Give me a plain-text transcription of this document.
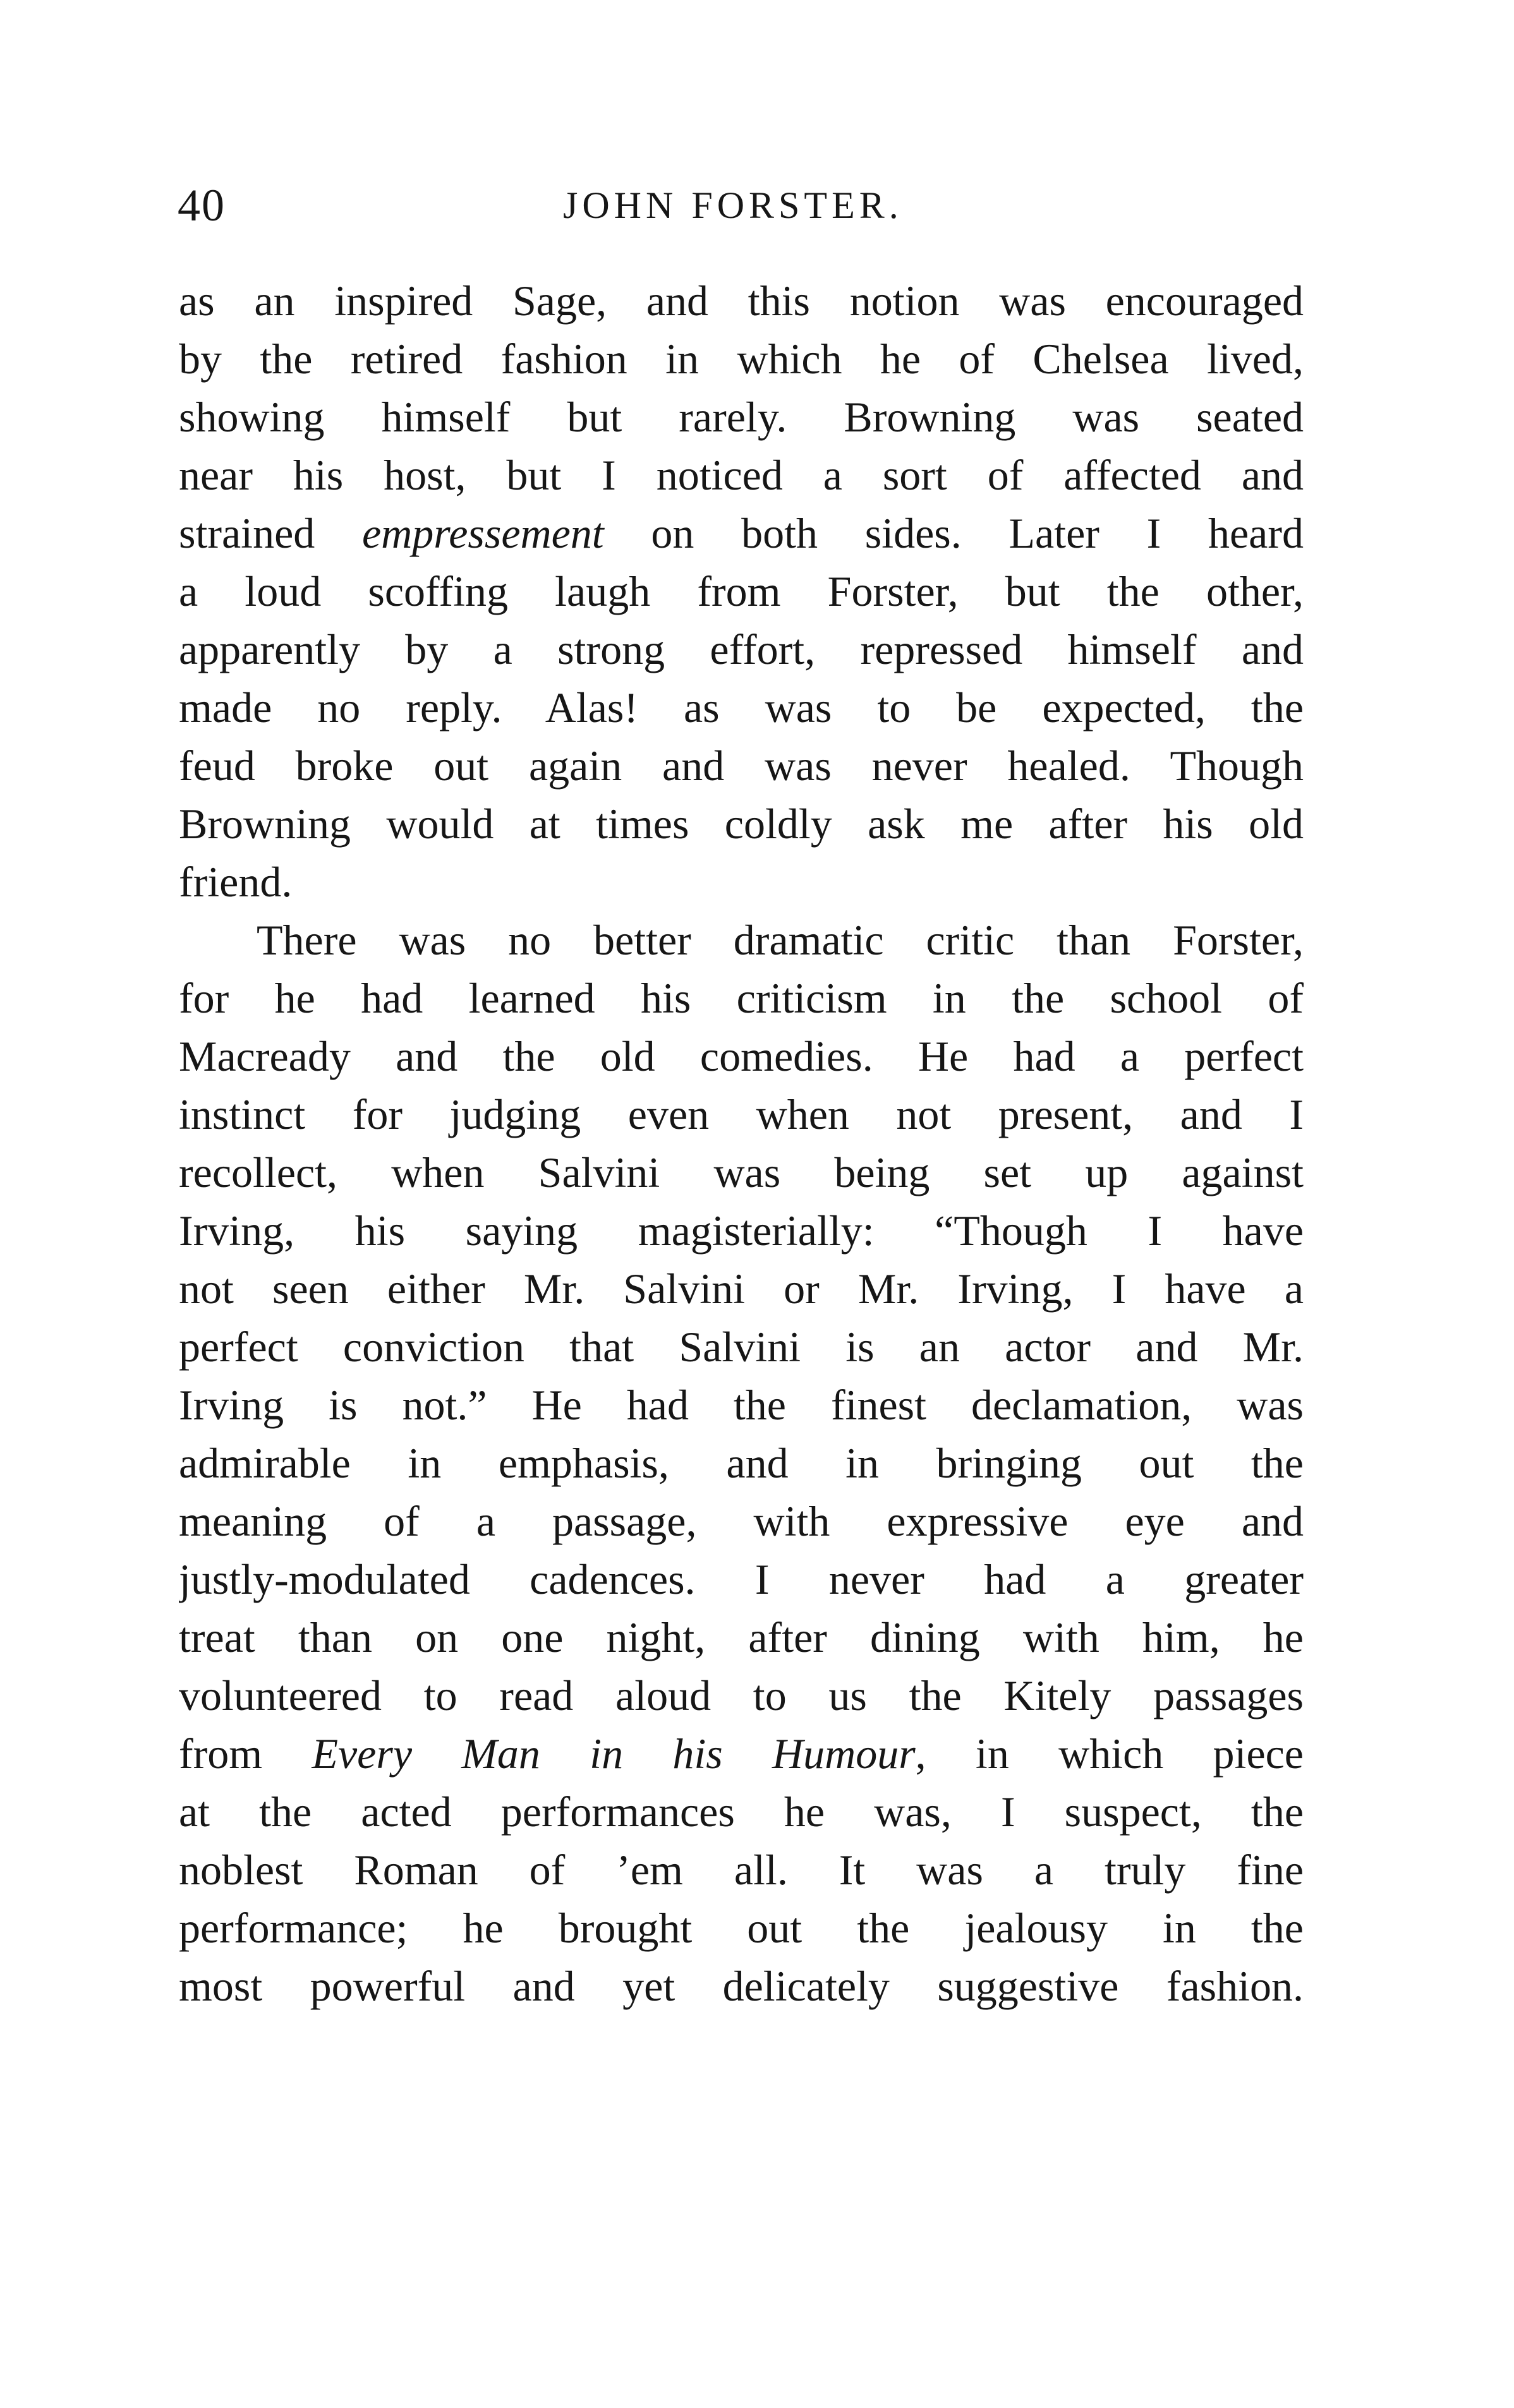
40	JOHN FORSTER.
as an inspired Sage, and this notion was encouraged
by the retired fashion in which he of Chelsea lived,
showing himself but rarely. Browning was seated
near his host, but I noticed a sort of affected and
strained empressement on both sides. Later I heard
a loud scoffing laugh from Forster, but the other,
apparently by a strong effort, repressed himself and
made no reply. Alas! as was to be expected, the
feud broke out again and was never healed. Though
Browning would at times coldly ask me after his old
friend.
There was no better dramatic critic than Forster,
for he had learned his criticism in the school of
Macready and the old comedies. He had a perfect
instinct for judging even when not present, and I
recollect, when Salvini was being set up against
Irving, his saying magisterially: “Though I have
not seen either Mr. Salvini or Mr. Irving, I have a
perfect conviction that Salvini is an actor and Mr.
Irving is not.” He had the finest declamation, was
admirable in emphasis, and in bringing out the
meaning of a passage, with expressive eye and
justly-modulated cadences. I never had a greater
treat than on one night, after dining with him, he
volunteered to read aloud to us the Kitely passages
from Every Man in his Humour, in which piece
at the acted performances he was, I suspect, the
noblest Roman of ’em all. It was a truly fine
performance; he brought out the jealousy in the
most powerful and yet delicately suggestive fashion.
